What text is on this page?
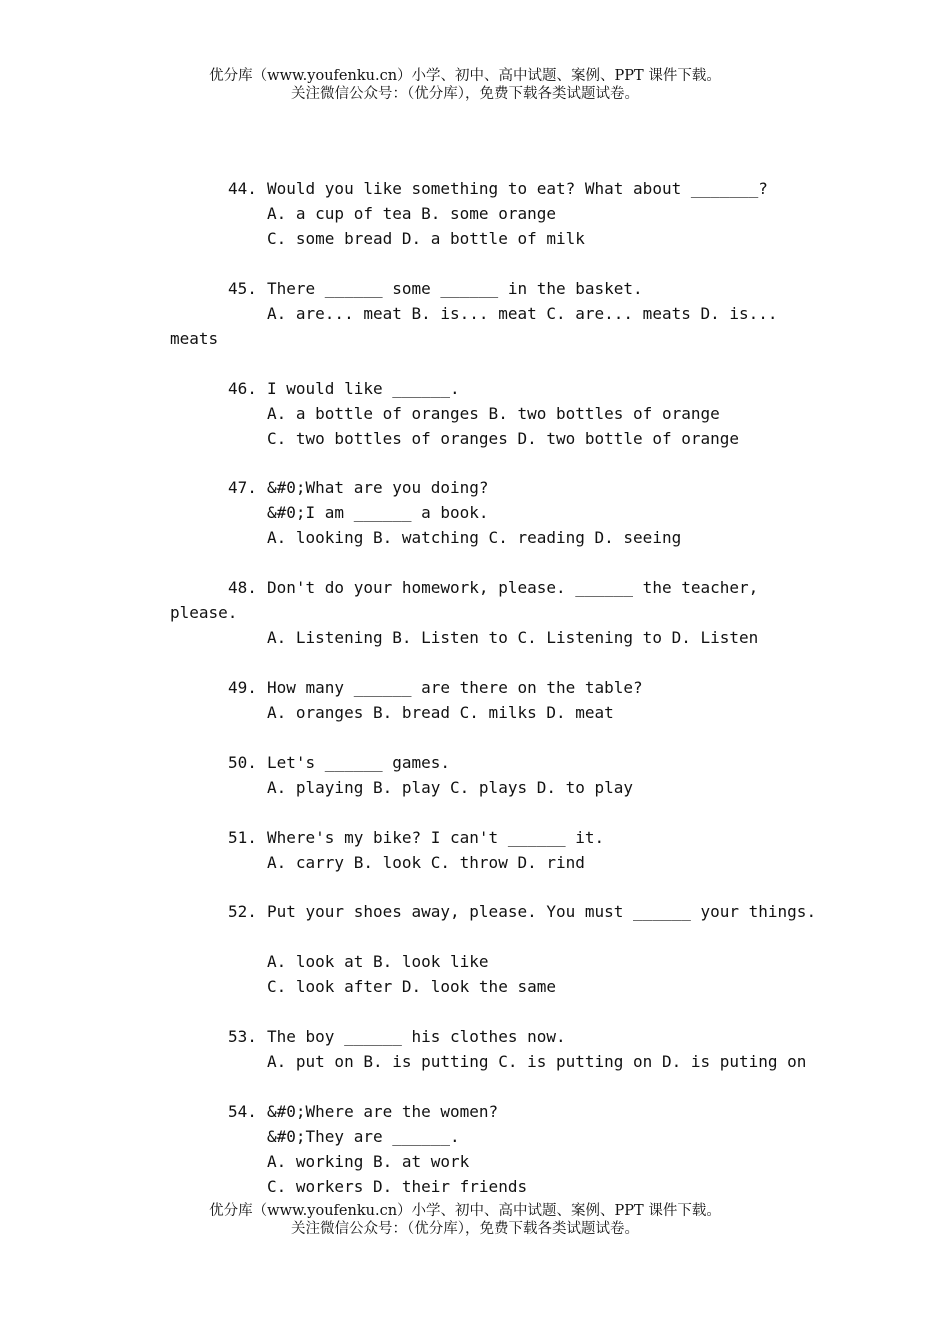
优分库（www.youfenku.cn）小学、初中、高中试题、案例、PPT 课件下载。
关注微信公众号：（优分库），免费下载各类试题试卷。
44. Would you like something to eat? What about _______?
A. a cup of tea B. some orange
C. some bread D. a bottle of milk
45. There ______ some ______ in the basket.
A. are... meat B. is... meat C. are... meats D. is...
meats
46. I would like ______.
A. a bottle of oranges B. two bottles of orange
C. two bottles of oranges D. two bottle of orange
47. &#0;What are you doing?
&#0;I am ______ a book.
A. looking B. watching C. reading D. seeing
48. Don't do your homework, please. ______ the teacher,
please.
A. Listening B. Listen to C. Listening to D. Listen
49. How many ______ are there on the table?
A. oranges B. bread C. milks D. meat
50. Let's ______ games.
A. playing B. play C. plays D. to play
51. Where's my bike? I can't ______ it.
A. carry B. look C. throw D. rind
52. Put your shoes away, please. You must ______ your things.
A. look at B. look like
C. look after D. look the same
53. The boy ______ his clothes now.
A. put on B. is putting C. is putting on D. is puting on
54. &#0;Where are the women?
&#0;They are ______.
A. working B. at work
C. workers D. their friends
优分库（www.youfenku.cn）小学、初中、高中试题、案例、PPT 课件下载。
关注微信公众号：（优分库），免费下载各类试题试卷。
